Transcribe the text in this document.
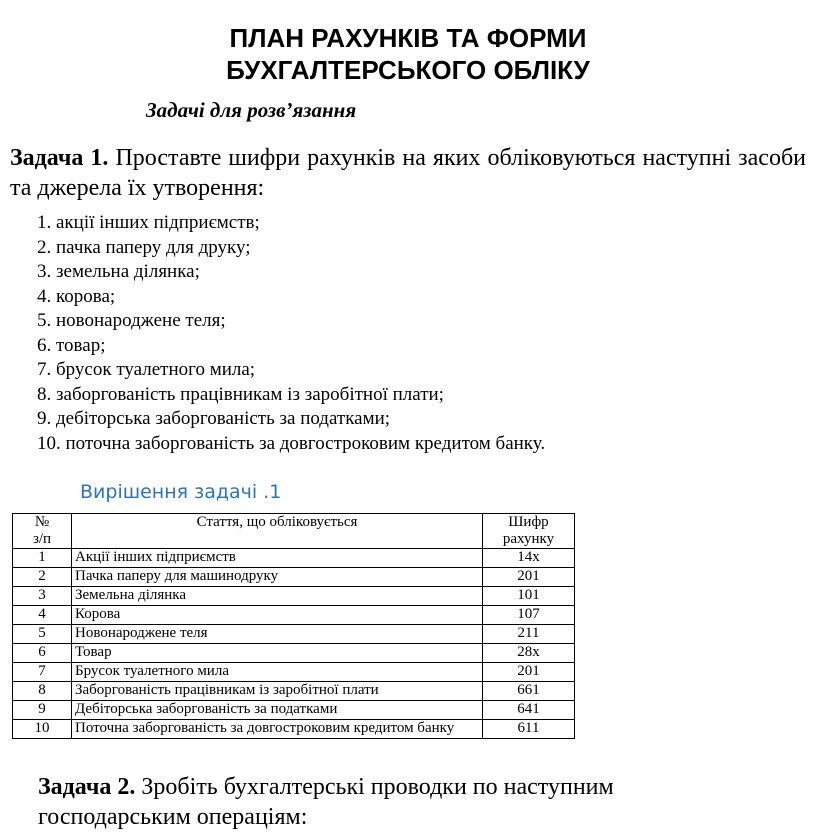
ПЛАН РАХУНКІВ ТА ФОРМИ
БУХГАЛТЕРСЬКОГО ОБЛІКУ

Задачі для розв’язання

Задача 1. Проставте шифри рахунків на яких обліковуються наступні засоби та джерела їх утворення:

1. акції інших підприємств;
2. пачка паперу для друку;
3. земельна ділянка;
4. корова;
5. новонароджене теля;
6. товар;
7. брусок туалетного мила;
8. заборгованість працівникам із заробітної плати;
9. дебіторська заборгованість за податками;
10. поточна заборгованість за довгостроковим кредитом банку.

Вирішення задачі .1

№
з/п	Стаття, що обліковується	Шифр
рахунку
1	Акції інших підприємств	14х
2	Пачка паперу для машинодруку	201
3	Земельна ділянка	101
4	Корова	107
5	Новонароджене теля	211
6	Товар	28х
7	Брусок туалетного мила	201
8	Заборгованість працівникам із заробітної плати	661
9	Дебіторська заборгованість за податками	641
10	Поточна заборгованість за довгостроковим кредитом банку	611

Задача 2. Зробіть бухгалтерські проводки по наступним господарським операціям:
